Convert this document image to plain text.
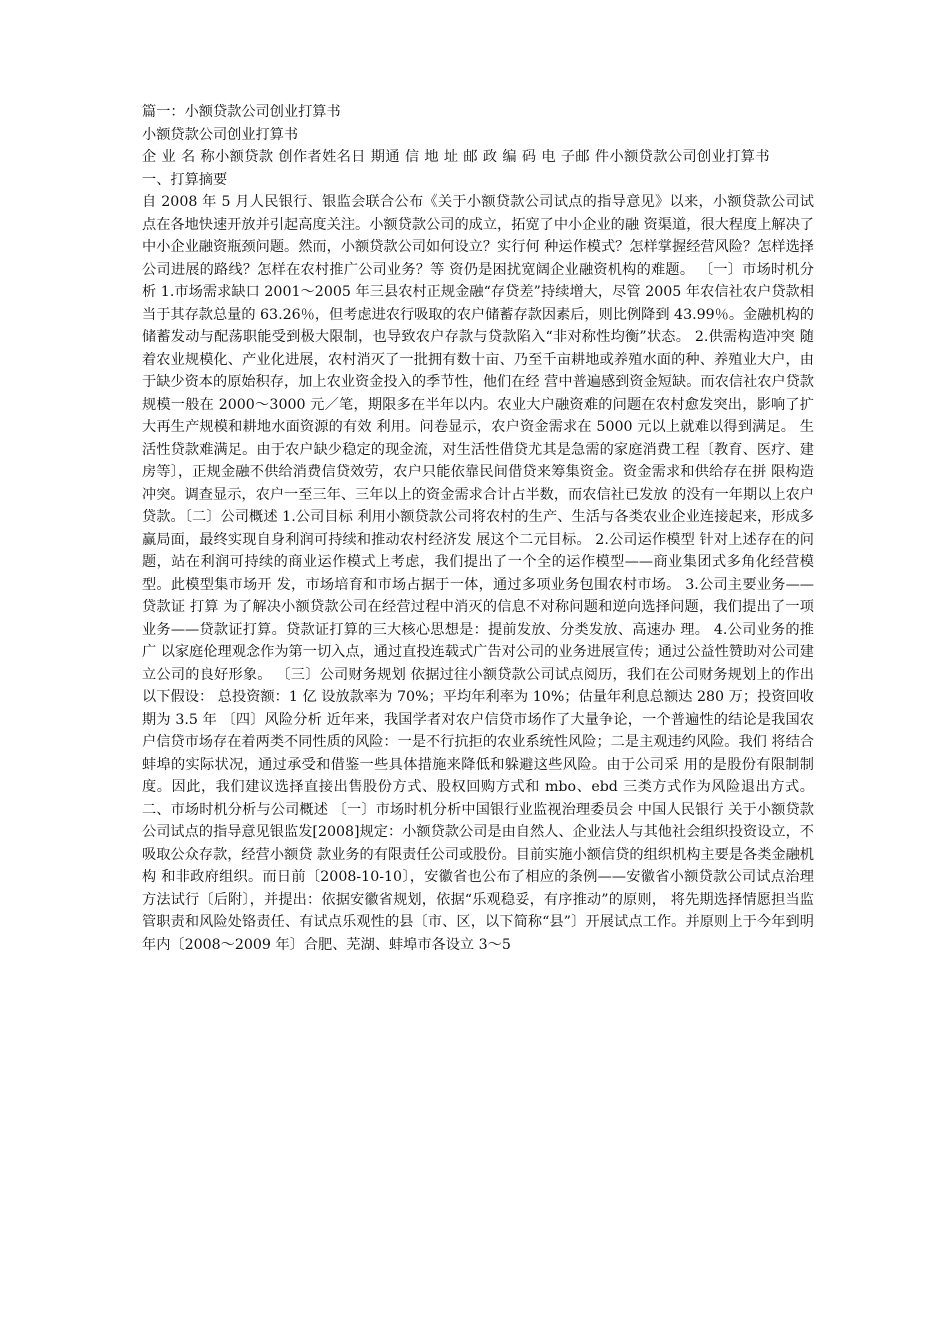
篇一：小额贷款公司创业打算书

小额贷款公司创业打算书

企 业 名 称小额贷款 创作者姓名日 期通 信 地 址 邮 政 编 码 电 子邮 件小额贷款公司创业打算书

一、打算摘要

自 2008 年 5 月人民银行、银监会联合公布《关于小额贷款公司试点的指导意见》以来，小额贷款公司试点在各地快速开放并引起高度关注。小额贷款公司的成立，拓宽了中小企业的融 资渠道，很大程度上解决了中小企业融资瓶颈问题。然而，小额贷款公司如何设立？实行何 种运作模式？怎样掌握经营风险？怎样选择公司进展的路线？怎样在农村推广公司业务？等 资仍是困扰宽阔企业融资机构的难题。 〔一〕市场时机分析 1.市场需求缺口 2001～2005 年三县农村正规金融“存贷差”持续增大，尽管 2005 年农信社农户贷款相当于其存款总量的 63.26％，但考虑进农行吸取的农户储蓄存款因素后，则比例降到 43.99％。金融机构的储蓄发动与配荡职能受到极大限制，也导致农户存款与贷款陷入“非对称性均衡”状态。 2.供需构造冲突 随着农业规模化、产业化进展，农村消灭了一批拥有数十亩、乃至千亩耕地或养殖水面的种、养殖业大户，由于缺少资本的原始积存，加上农业资金投入的季节性，他们在经 营中普遍感到资金短缺。而农信社农户贷款规模一般在 2000～3000 元／笔，期限多在半年以内。农业大户融资难的问题在农村愈发突出，影响了扩大再生产规模和耕地水面资源的有效 利用。问卷显示，农户资金需求在 5000 元以上就难以得到满足。 生活性贷款难满足。由于农户缺少稳定的现金流，对生活性借贷尤其是急需的家庭消费工程〔教育、医疗、建房等〕，正规金融不供给消费信贷效劳，农户只能依靠民间借贷来筹集资金。资金需求和供给存在拼 限构造冲突。调查显示，农户一至三年、三年以上的资金需求合计占半数，而农信社已发放 的没有一年期以上农户贷款。〔二〕公司概述 1.公司目标 利用小额贷款公司将农村的生产、生活与各类农业企业连接起来，形成多赢局面，最终实现自身利润可持续和推动农村经济发 展这个二元目标。 2.公司运作模型 针对上述存在的问题，站在利润可持续的商业运作模式上考虑，我们提出了一个全的运作模型——商业集团式多角化经营模型。此模型集市场开 发，市场培育和市场占据于一体，通过多项业务包围农村市场。 3.公司主要业务——贷款证 打算 为了解决小额贷款公司在经营过程中消灭的信息不对称问题和逆向选择问题，我们提出了一项业务——贷款证打算。贷款证打算的三大核心思想是：提前发放、分类发放、高速办 理。 4.公司业务的推广 以家庭伦理观念作为第一切入点，通过直投连载式广告对公司的业务进展宣传；通过公益性赞助对公司建立公司的良好形象。 〔三〕公司财务规划 依据过往小额贷款公司试点阅历，我们在公司财务规划上的作出以下假设： 总投资额：1 亿 设放款率为 70%；平均年利率为 10%；估量年利息总额达 280 万；投资回收期为 3.5 年 〔四〕风险分析 近年来，我国学者对农户信贷市场作了大量争论，一个普遍性的结论是我国农户信贷市场存在着两类不同性质的风险：一是不行抗拒的农业系统性风险；二是主观违约风险。我们 将结合蚌埠的实际状况，通过承受和借鉴一些具体措施来降低和躲避这些风险。由于公司采 用的是股份有限制制度。因此，我们建议选择直接出售股份方式、股权回购方式和 mbo、ebd 三类方式作为风险退出方式。 二、市场时机分析与公司概述 〔一〕市场时机分析中国银行业监视治理委员会 中国人民银行 关于小额贷款公司试点的指导意见银监发[2008]规定：小额贷款公司是由自然人、企业法人与其他社会组织投资设立，不吸取公众存款，经营小额贷 款业务的有限责任公司或股份。目前实施小额信贷的组织机构主要是各类金融机构 和非政府组织。而日前〔2008-10-10〕，安徽省也公布了相应的条例——安徽省小额贷款公司试点治理方法试行〔后附〕，并提出：依据安徽省规划，依据“乐观稳妥，有序推动”的原则， 将先期选择情愿担当监管职责和风险处铬责任、有试点乐观性的县〔市、区，以下简称“县”〕开展试点工作。并原则上于今年到明年内〔2008～2009 年〕合肥、芜湖、蚌埠市各设立 3～5
